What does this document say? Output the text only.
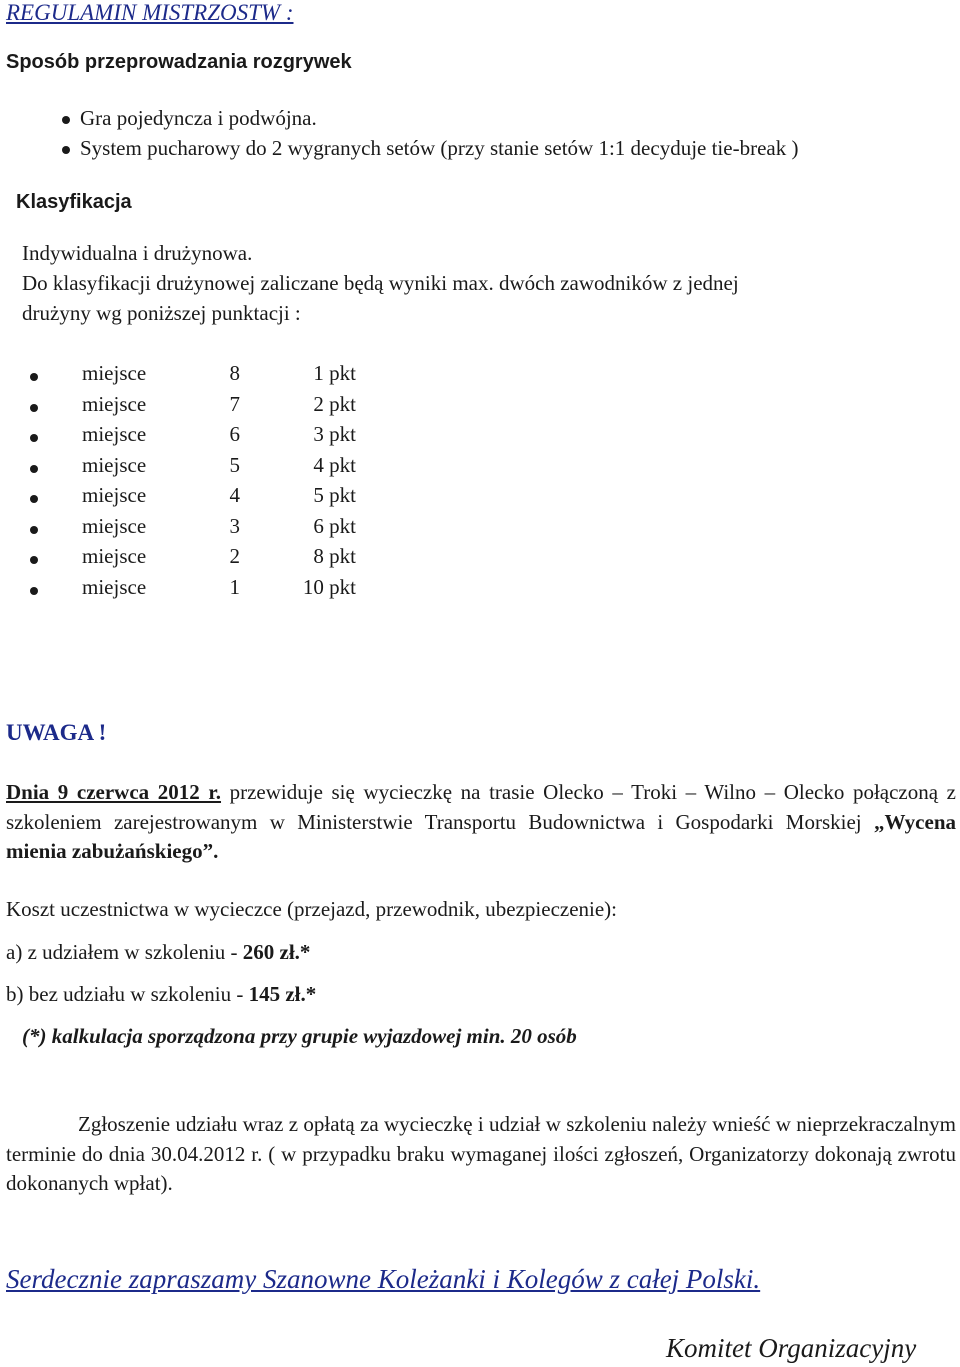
REGULAMIN MISTRZOSTW :
Sposób przeprowadzania rozgrywek
Gra pojedyncza i podwójna.
System pucharowy do 2 wygranych setów (przy stanie setów 1:1 decyduje tie-break )
Klasyfikacja
Indywidualna i drużynowa.
Do klasyfikacji drużynowej zaliczane będą wyniki max. dwóch zawodników z jednej
drużyny wg poniższej punktacji :
miejsce	8	1 pkt
miejsce	7	2 pkt
miejsce	6	3 pkt
miejsce	5	4 pkt
miejsce	4	5 pkt
miejsce	3	6 pkt
miejsce	2	8 pkt
miejsce	1	10 pkt
UWAGA !
Dnia 9 czerwca 2012 r. przewiduje się wycieczkę na trasie Olecko – Troki – Wilno – Olecko połączoną z szkoleniem zarejestrowanym w Ministerstwie Transportu Budownictwa i Gospodarki Morskiej „Wycena mienia zabużańskiego”.
Koszt uczestnictwa w wycieczce (przejazd, przewodnik, ubezpieczenie):
a) z udziałem w szkoleniu - 260 zł.*
b) bez udziału w szkoleniu - 145 zł.*
(*) kalkulacja sporządzona przy grupie wyjazdowej min. 20 osób
Zgłoszenie udziału wraz z opłatą za wycieczkę i udział w szkoleniu należy wnieść w nieprzekraczalnym terminie do dnia 30.04.2012 r. ( w przypadku braku wymaganej ilości zgłoszeń, Organizatorzy dokonają zwrotu dokonanych wpłat).
Serdecznie zapraszamy Szanowne Koleżanki i Kolegów z całej Polski.
Komitet Organizacyjny
